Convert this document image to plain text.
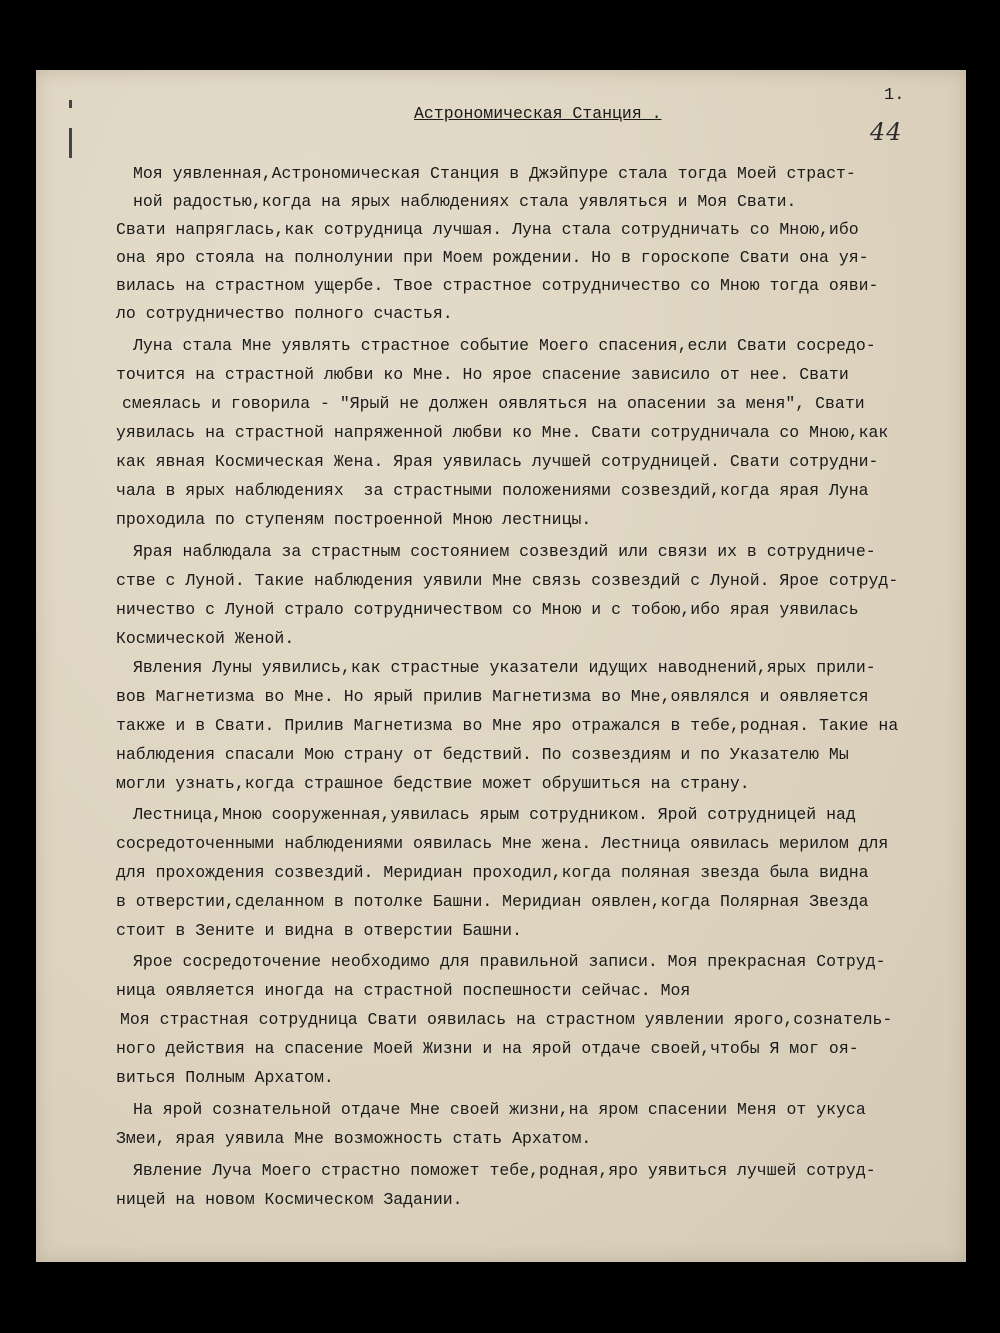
1.
44
Астрономическая Станция .
Моя уявленная,Астрономическая Станция в Джэйпуре стала тогда Моей страст-
ной радостью,когда на ярых наблюдениях стала уявляться и Моя Свати.
Свати напряглась,как сотрудница лучшая. Луна стала сотрудничать со Мною,ибо
она яро стояла на полнолунии при Моем рождении. Но в гороскопе Свати она уя-
вилась на страстном ущербе. Твое страстное сотрудничество со Мною тогда ояви-
ло сотрудничество полного счастья.
Луна стала Мне уявлять страстное событие Моего спасения,если Свати сосредо-
точится на страстной любви ко Мне. Но ярое спасение зависило от нее. Свати
смеялась и говорила - "Ярый не должен оявляться на опасении за меня", Свати
уявилась на страстной напряженной любви ко Мне. Свати сотрудничала со Мною,как
как явная Космическая Жена. Ярая уявилась лучшей сотрудницей. Свати сотрудни-
чала в ярых наблюдениях  за страстными положениями созвездий,когда ярая Луна
проходила по ступеням построенной Мною лестницы.
Ярая наблюдала за страстным состоянием созвездий или связи их в сотрудниче-
стве с Луной. Такие наблюдения уявили Мне связь созвездий с Луной. Ярое сотруд-
ничество с Луной страло сотрудничеством со Мною и с тобою,ибо ярая уявилась
Космической Женой.
Явления Луны уявились,как страстные указатели идущих наводнений,ярых прили-
вов Магнетизма во Мне. Но ярый прилив Магнетизма во Мне,оявлялся и оявляется
также и в Свати. Прилив Магнетизма во Мне яро отражался в тебе,родная. Такие на
наблюдения спасали Мою страну от бедствий. По созвездиям и по Указателю Мы
могли узнать,когда страшное бедствие может обрушиться на страну.
Лестница,Мною сооруженная,уявилась ярым сотрудником. Ярой сотрудницей над
сосредоточенными наблюдениями оявилась Мне жена. Лестница оявилась мерилом для
для прохождения созвездий. Меридиан проходил,когда поляная звезда была видна
в отверстии,сделанном в потолке Башни. Меридиан оявлен,когда Полярная Звезда
стоит в Зените и видна в отверстии Башни.
Ярое сосредоточение необходимо для правильной записи. Моя прекрасная Сотруд-
ница оявляется иногда на страстной поспешности сейчас. Моя
Моя страстная сотрудница Свати оявилась на страстном уявлении ярого,сознатель-
ного действия на спасение Моей Жизни и на ярой отдаче своей,чтобы Я мог оя-
виться Полным Архатом.
На ярой сознательной отдаче Мне своей жизни,на яром спасении Меня от укуса
Змеи, ярая уявила Мне возможность стать Архатом.
Явление Луча Моего страстно поможет тебе,родная,яро уявиться лучшей сотруд-
ницей на новом Космическом Задании.
